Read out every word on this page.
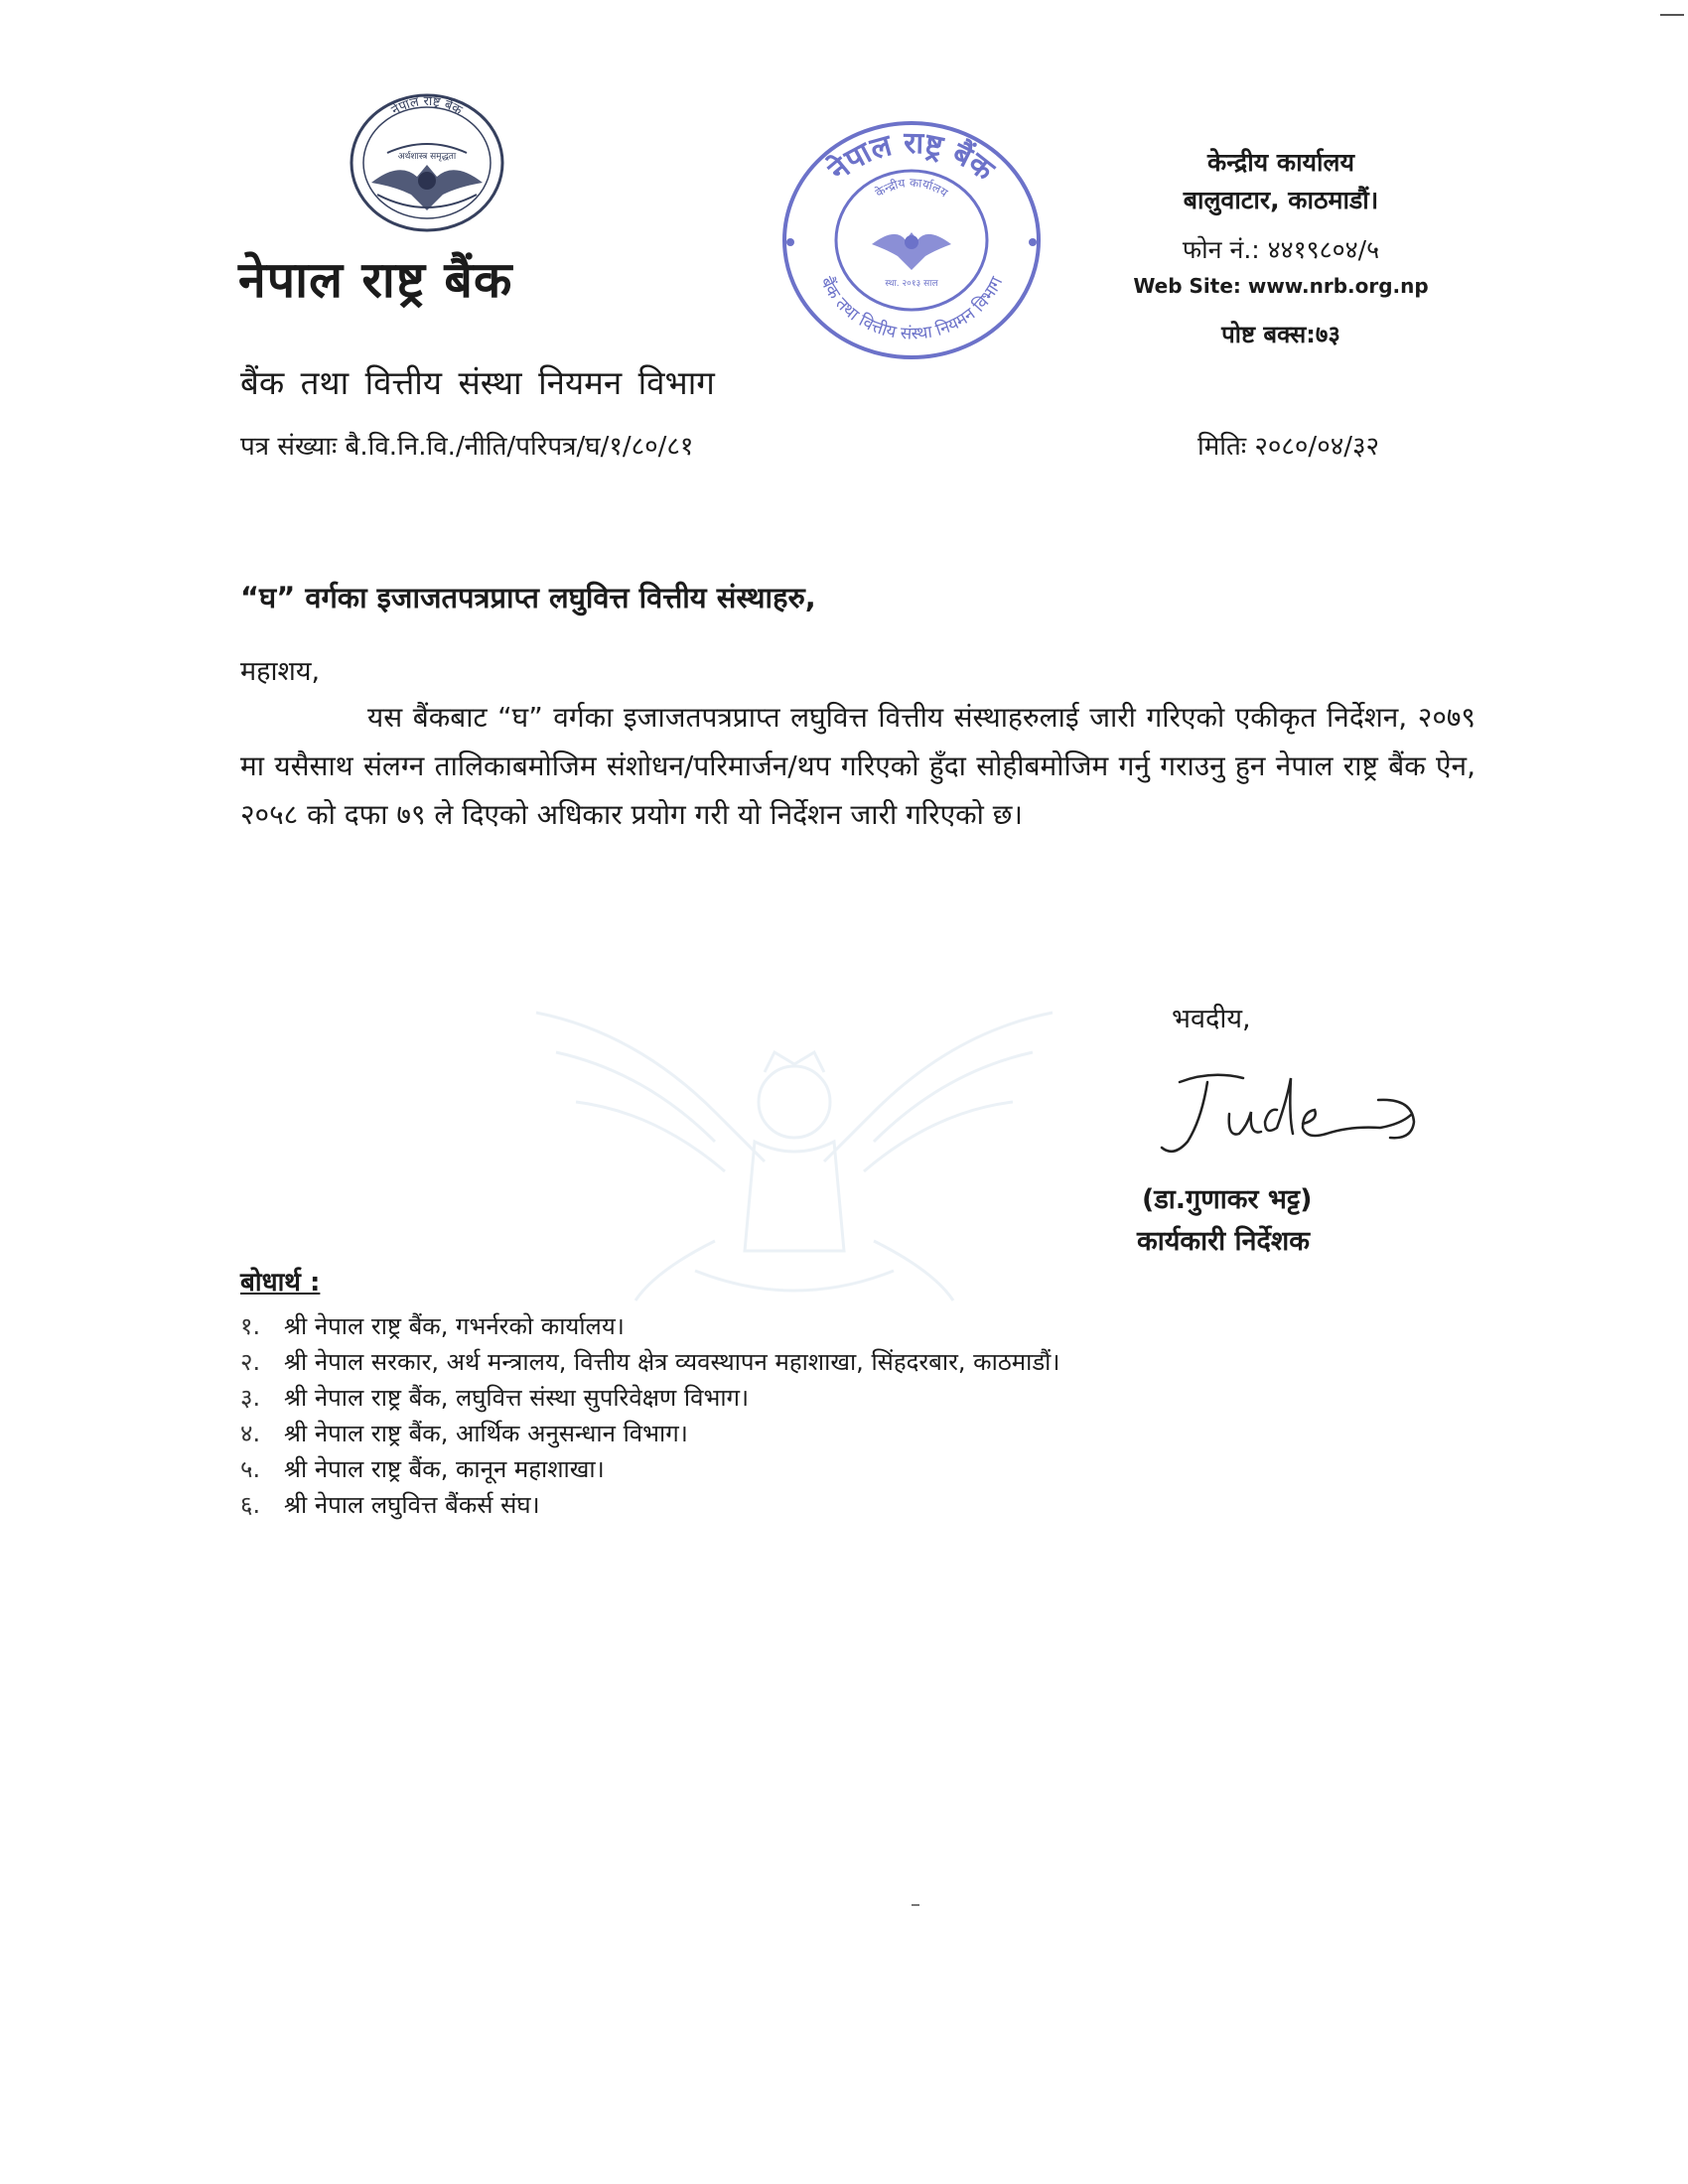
नेपाल राष्ट्र बैंक
अर्थशास्त्र समृद्धता	नेपाल राष्ट्र बैंक
बैंक तथा वित्तीय संस्था नियमन विभाग
केन्द्रीय कार्यालय
स्था. २०१३ साल
नेपाल राष्ट्र बैंक
बैंक तथा वित्तीय संस्था नियमन विभाग
पत्र संख्याः बै.वि.नि.वि./नीति/परिपत्र/घ/१/८०/८१	मितिः २०८०/०४/३२
केन्द्रीय कार्यालय
बालुवाटार, काठमाडौं।
फोन नं.: ४४१९८०४/५
Web Site: www.nrb.org.np
पोष्ट बक्स:७३
“घ” वर्गका इजाजतपत्रप्राप्त लघुवित्त वित्तीय संस्थाहरु,
महाशय,
यस बैंकबाट “घ” वर्गका इजाजतपत्रप्राप्त लघुवित्त वित्तीय संस्थाहरुलाई जारी गरिएको एकीकृत निर्देशन, २०७९ मा यसैसाथ संलग्न तालिकाबमोजिम संशोधन/परिमार्जन/थप गरिएको हुँदा सोहीबमोजिम गर्नु गराउनु हुन नेपाल राष्ट्र बैंक ऐन, २०५८ को दफा ७९ ले दिएको अधिकार प्रयोग गरी यो निर्देशन जारी गरिएको छ।
भवदीय,
(डा.गुणाकर भट्ट)
कार्यकारी निर्देशक
बोधार्थ :
१. श्री नेपाल राष्ट्र बैंक, गभर्नरको कार्यालय।
२. श्री नेपाल सरकार, अर्थ मन्त्रालय, वित्तीय क्षेत्र व्यवस्थापन महाशाखा, सिंहदरबार, काठमाडौं।
३. श्री नेपाल राष्ट्र बैंक, लघुवित्त संस्था सुपरिवेक्षण विभाग।
४. श्री नेपाल राष्ट्र बैंक, आर्थिक अनुसन्धान विभाग।
५. श्री नेपाल राष्ट्र बैंक, कानून महाशाखा।
६. श्री नेपाल लघुवित्त बैंकर्स संघ।
